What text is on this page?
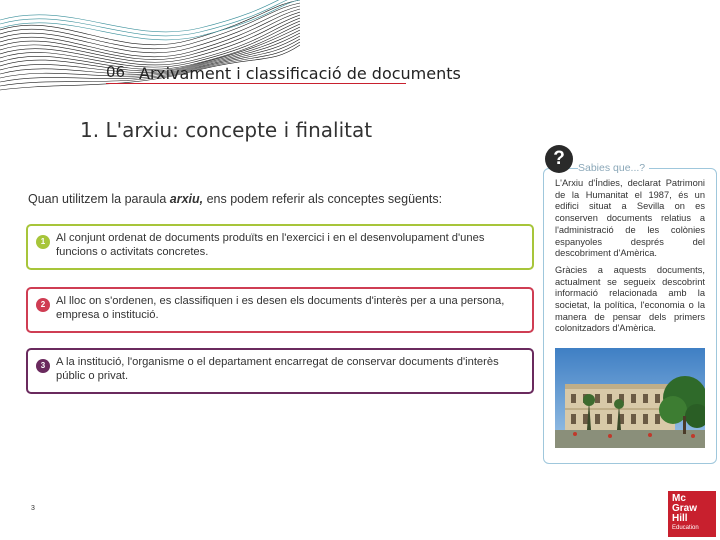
06 Arxivament i classificació de documents
1. L'arxiu: concepte i finalitat
Quan utilitzem la paraula arxiu, ens podem referir als conceptes següents:
1 Al conjunt ordenat de documents produïts en l'exercici i en el desenvolupament d'unes funcions o activitats concretes.
2 Al lloc on s'ordenen, es classifiquen i es desen els documents d'interès per a una persona, empresa o institució.
3 A la institució, l'organisme o el departament encarregat de conservar documents d'interès públic o privat.
?	Sabies que...?

L'Arxiu d'Índies, declarat Patrimoni de la Humanitat el 1987, és un edifici situat a Sevilla on es conserven documents relatius a l'administració de les colònies espanyoles després del descobriment d'Amèrica.

Gràcies a aquests documents, actualment se segueix descobrint informació relacionada amb la societat, la política, l'economia o la manera de pensar dels primers colonitzadors d'Amèrica.

3
Mc
Graw
Hill
Education
